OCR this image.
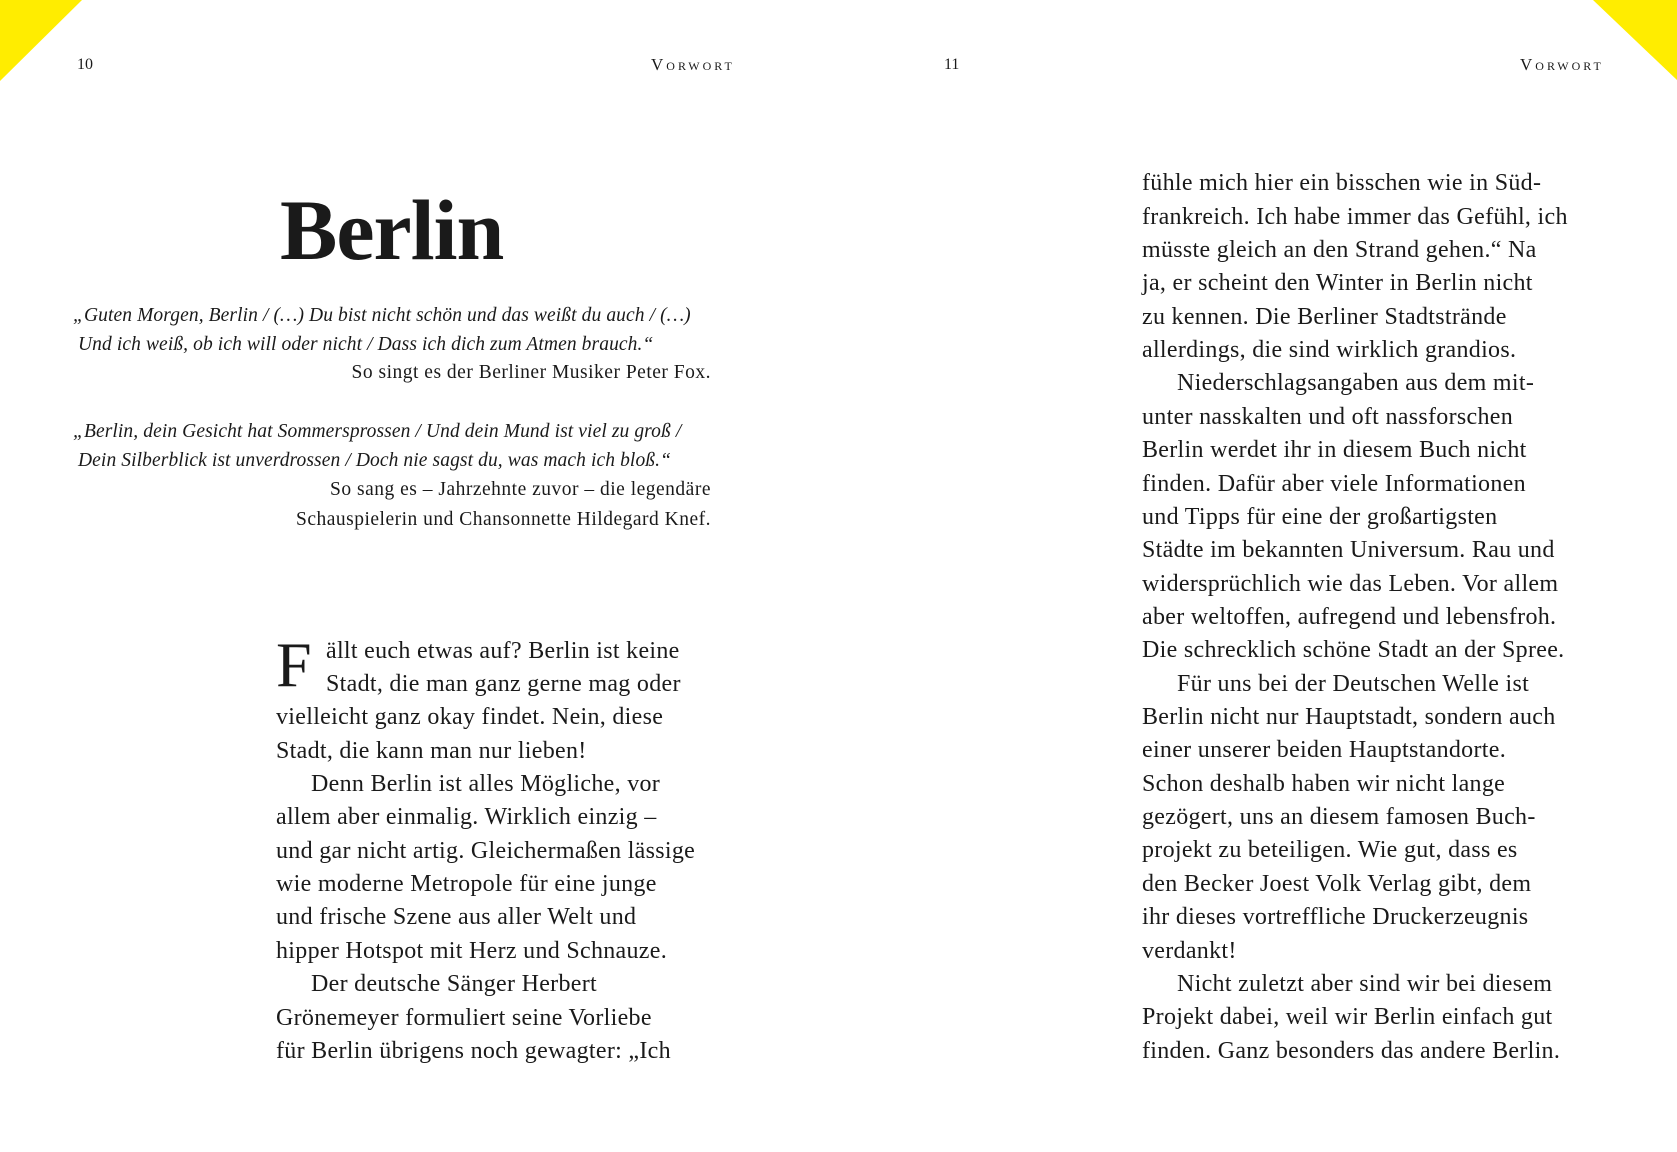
10	Vorwort	11	Vorwort
Berlin
„Guten Morgen, Berlin / (…) Du bist nicht schön und das weißt du auch / (…)
Und ich weiß, ob ich will oder nicht / Dass ich dich zum Atmen brauch.“
So singt es der Berliner Musiker Peter Fox.
„Berlin, dein Gesicht hat Sommersprossen / Und dein Mund ist viel zu groß /
Dein Silberblick ist unverdrossen / Doch nie sagst du, was mach ich bloß.“
So sang es – Jahrzehnte zuvor – die legendäre
Schauspielerin und Chansonnette Hildegard Knef.
F ällt euch etwas auf? Berlin ist keine
Stadt, die man ganz gerne mag oder
vielleicht ganz okay findet. Nein, diese
Stadt, die kann man nur lieben!
Denn Berlin ist alles Mögliche, vor
allem aber einmalig. Wirklich einzig –
und gar nicht artig. Gleichermaßen lässige
wie moderne Metropole für eine junge
und frische Szene aus aller Welt und
hipper Hotspot mit Herz und Schnauze.
Der deutsche Sänger Herbert
Grönemeyer formuliert seine Vorliebe
für Berlin übrigens noch gewagter: „Ich
fühle mich hier ein bisschen wie in Süd-
frankreich. Ich habe immer das Gefühl, ich
müsste gleich an den Strand gehen.“ Na
ja, er scheint den Winter in Berlin nicht
zu kennen. Die Berliner Stadtstrände
allerdings, die sind wirklich grandios.
Niederschlagsangaben aus dem mit-
unter nasskalten und oft nassforschen
Berlin werdet ihr in diesem Buch nicht
finden. Dafür aber viele Informationen
und Tipps für eine der großartigsten
Städte im bekannten Universum. Rau und
widersprüchlich wie das Leben. Vor allem
aber weltoffen, aufregend und lebensfroh.
Die schrecklich schöne Stadt an der Spree.
Für uns bei der Deutschen Welle ist
Berlin nicht nur Hauptstadt, sondern auch
einer unserer beiden Hauptstandorte.
Schon deshalb haben wir nicht lange
gezögert, uns an diesem famosen Buch-
projekt zu beteiligen. Wie gut, dass es
den Becker Joest Volk Verlag gibt, dem
ihr dieses vortreffliche Druckerzeugnis
verdankt!
Nicht zuletzt aber sind wir bei diesem
Projekt dabei, weil wir Berlin einfach gut
finden. Ganz besonders das andere Berlin.
